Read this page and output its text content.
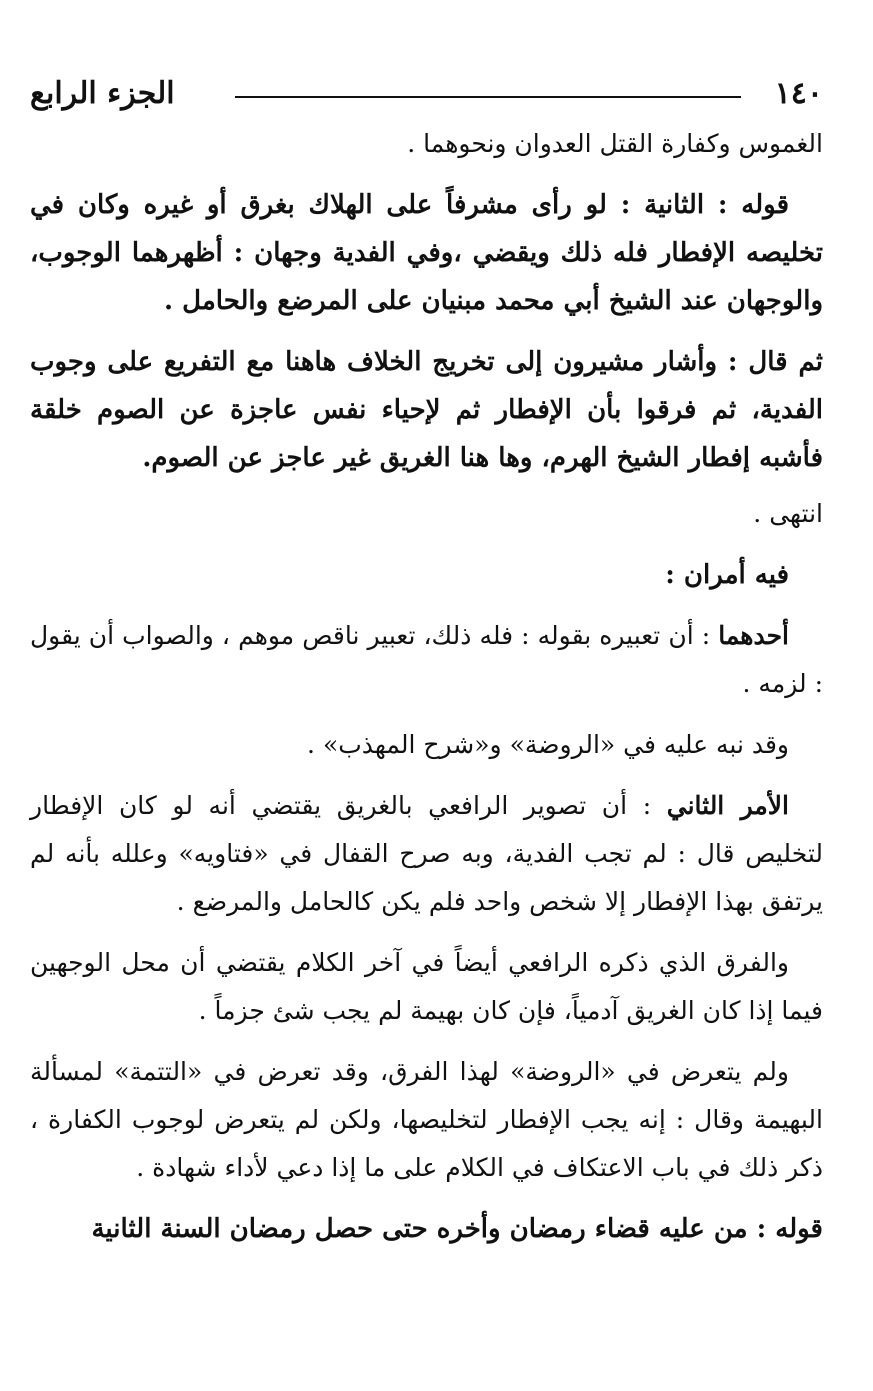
١٤٠
الجزء الرابع

الغموس وكفارة القتل العدوان ونحوهما .

قوله : الثانية : لو رأى مشرفاً على الهلاك بغرق أو غيره وكان في تخليصه الإفطار فله ذلك ويقضي ،وفي الفدية وجهان : أظهرهما الوجوب، والوجهان عند الشيخ أبي محمد مبنيان على المرضع والحامل .

ثم قال : وأشار مشيرون إلى تخريج الخلاف هاهنا مع التفريع على وجوب الفدية، ثم فرقوا بأن الإفطار ثم لإحياء نفس عاجزة عن الصوم خلقة فأشبه إفطار الشيخ الهرم، وها هنا الغريق غير عاجز عن الصوم.

انتهى .

فيه أمران :

أحدهما : أن تعبيره بقوله : فله ذلك، تعبير ناقص موهم ، والصواب أن يقول : لزمه .

وقد نبه عليه في «الروضة» و«شرح المهذب» .

الأمر الثاني : أن تصوير الرافعي بالغريق يقتضي أنه لو كان الإفطار لتخليص قال : لم تجب الفدية، وبه صرح القفال في «فتاويه» وعلله بأنه لم يرتفق بهذا الإفطار إلا شخص واحد فلم يكن كالحامل والمرضع .

والفرق الذي ذكره الرافعي أيضاً في آخر الكلام يقتضي أن محل الوجهين فيما إذا كان الغريق آدمياً، فإن كان بهيمة لم يجب شئ جزماً .

ولم يتعرض في «الروضة» لهذا الفرق، وقد تعرض في «التتمة» لمسألة البهيمة وقال : إنه يجب الإفطار لتخليصها، ولكن لم يتعرض لوجوب الكفارة ، ذكر ذلك في باب الاعتكاف في الكلام على ما إذا دعي لأداء شهادة .

قوله : من عليه قضاء رمضان وأخره حتى حصل رمضان السنة الثانية
